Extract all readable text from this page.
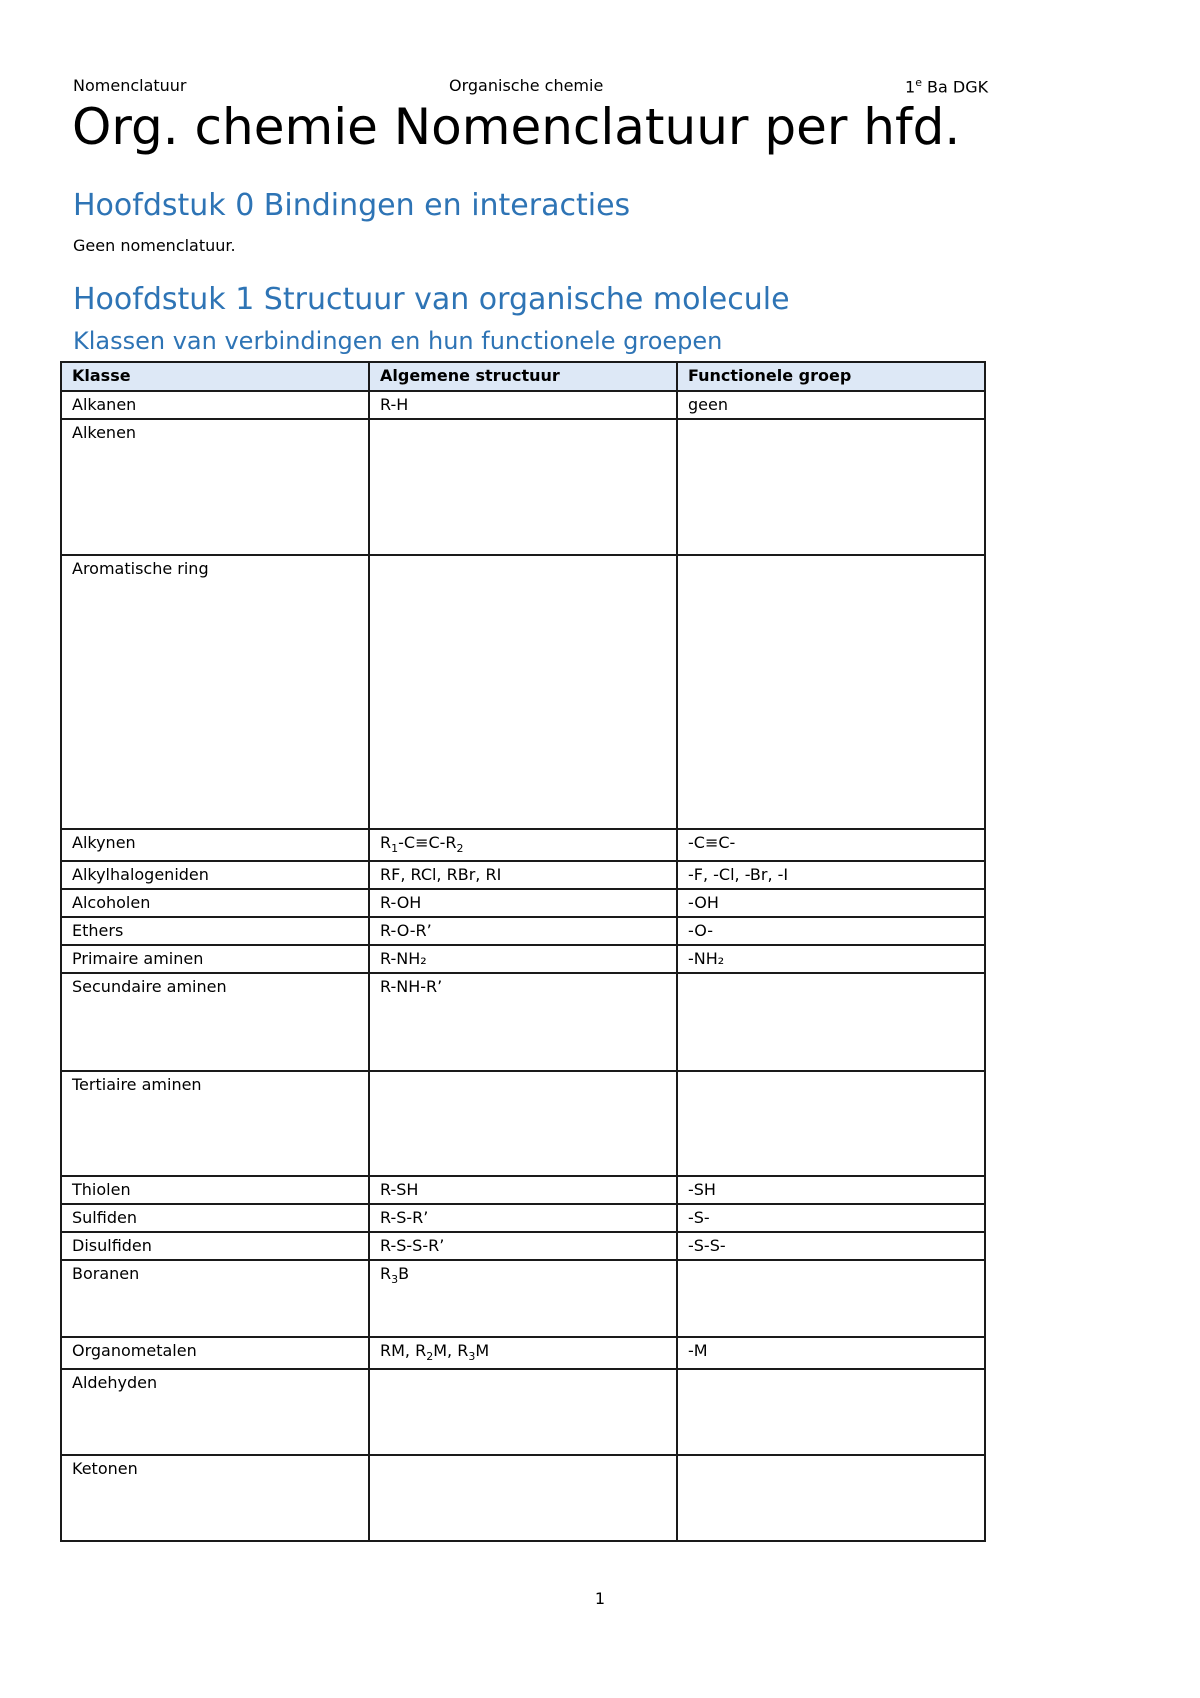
Nomenclatuur	Organische chemie	1e Ba DGK
Org. chemie Nomenclatuur per hfd.
Hoofdstuk 0 Bindingen en interacties
Geen nomenclatuur.
Hoofdstuk 1 Structuur van organische molecule
Klassen van verbindingen en hun functionele groepen
Klasse	Algemene structuur	Functionele groep
Alkanen	R-H	geen
Alkenen		
Aromatische ring		
Alkynen	$R_1-C\equiv C-R_2$	-C≡C-
Alkylhalogeniden	RF, RCl, RBr, RI	-F, -Cl, -Br, -I
Alcoholen	R-OH	-OH
Ethers	R-O-R’	-O-
Primaire aminen	R-NH₂	-NH₂
Secundaire aminen	R-NH-R’	
Tertiaire aminen		
Thiolen	R-SH	-SH
Sulfiden	R-S-R’	-S-
Disulfiden	R-S-S-R’	-S-S-
Boranen	$R_3B$	
Organometalen	RM, $R_2M$, $R_3M$	-M
Aldehyden		
Ketonen		
1
